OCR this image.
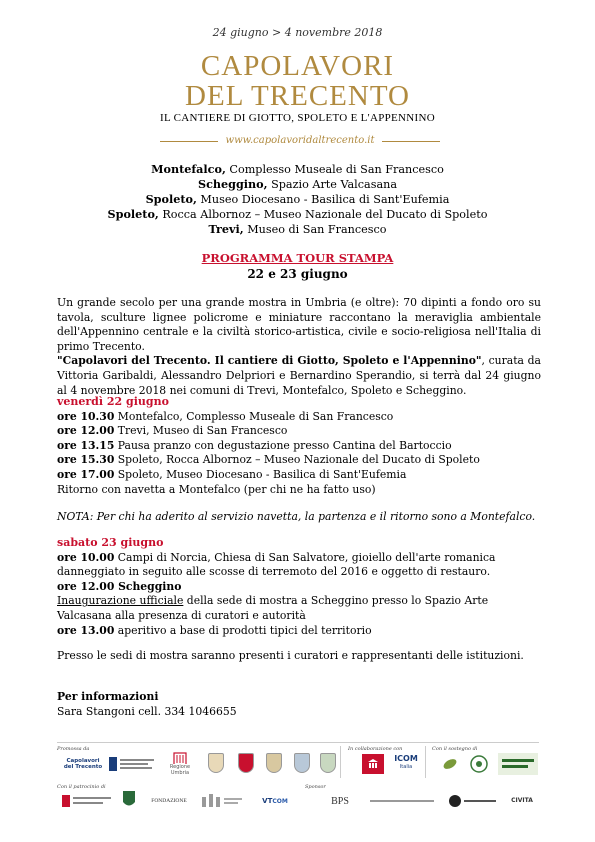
24 giugno > 4 novembre 2018
CAPOLAVORI
DEL TRECENTO
IL CANTIERE DI GIOTTO, SPOLETO E L'APPENNINO
www.capolavoridaltrecento.it
Montefalco, Complesso Museale di San Francesco
Scheggino, Spazio Arte Valcasana
Spoleto, Museo Diocesano - Basilica di Sant'Eufemia
Spoleto, Rocca Albornoz – Museo Nazionale del Ducato di Spoleto
Trevi, Museo di San Francesco
PROGRAMMA TOUR STAMPA
22 e 23 giugno

Un grande secolo per una grande mostra in Umbria (e oltre): 70 dipinti a fondo oro su tavola, sculture lignee policrome e miniature raccontano la meraviglia ambientale dell'Appennino centrale e la civiltà storico-artistica, civile e socio-religiosa nell'Italia di primo Trecento.

"Capolavori del Trecento. Il cantiere di Giotto, Spoleto e l'Appennino", curata da Vittoria Garibaldi, Alessandro Delpriori e Bernardino Sperandio, si terrà dal 24 giugno al 4 novembre 2018 nei comuni di Trevi, Montefalco, Spoleto e Scheggino.

venerdì 22 giugno
ore 10.30 Montefalco, Complesso Museale di San Francesco
ore 12.00 Trevi, Museo di San Francesco
ore 13.15 Pausa pranzo con degustazione presso Cantina del Bartoccio
ore 15.30 Spoleto, Rocca Albornoz – Museo Nazionale del Ducato di Spoleto
ore 17.00 Spoleto, Museo Diocesano - Basilica di Sant'Eufemia
Ritorno con navetta a Montefalco (per chi ne ha fatto uso)
NOTA: Per chi ha aderito al servizio navetta, la partenza e il ritorno sono a Montefalco.
sabato 23 giugno

ore 10.00 Campi di Norcia, Chiesa di San Salvatore, gioiello dell'arte romanica danneggiato in seguito alle scosse di terremoto del 2016 e oggetto di restauro.

ore 12.00 Scheggino

Inaugurazione ufficiale della sede di mostra a Scheggino presso lo Spazio Arte Valcasana alla presenza di curatori e autorità

ore 13.00 aperitivo a base di prodotti tipici del territorio

Presso le sedi di mostra saranno presenti i curatori e rappresentanti delle istituzioni.
Per informazioni
Sara Stangoni cell. 334 1046655
Promossa da	In collaborazione con	Con il sostegno di
Con il patrocinio di	Sponsor
Capolavori del Trecento	Regione Umbria
ICOM
Italia
FONDAZIONE	VT COM	BPS	CIVITA
